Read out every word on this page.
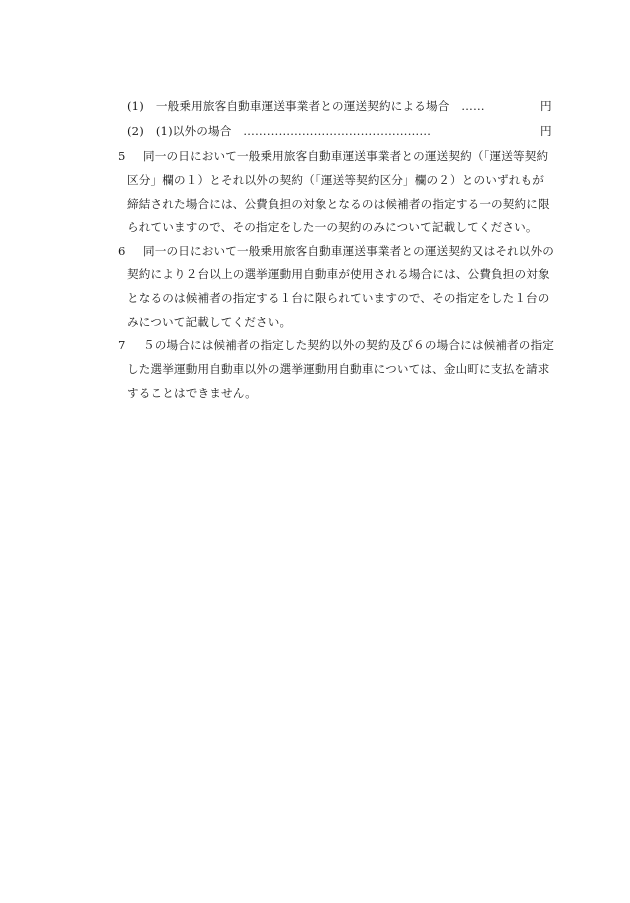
(1) 一般乗用旅客自動車運送事業者との運送契約による場合　……	円
(2) (1)以外の場合　…………………………………………	円
5 同一の日において一般乗用旅客自動車運送事業者との運送契約（「運送等契約
区分」欄の１）とそれ以外の契約（「運送等契約区分」欄の２）とのいずれもが
締結された場合には、公費負担の対象となるのは候補者の指定する一の契約に限
られていますので、その指定をした一の契約のみについて記載してください。
6 同一の日において一般乗用旅客自動車運送事業者との運送契約又はそれ以外の
契約により２台以上の選挙運動用自動車が使用される場合には、公費負担の対象
となるのは候補者の指定する１台に限られていますので、その指定をした１台の
みについて記載してください。
7 ５の場合には候補者の指定した契約以外の契約及び６の場合には候補者の指定
した選挙運動用自動車以外の選挙運動用自動車については、金山町に支払を請求
することはできません。
